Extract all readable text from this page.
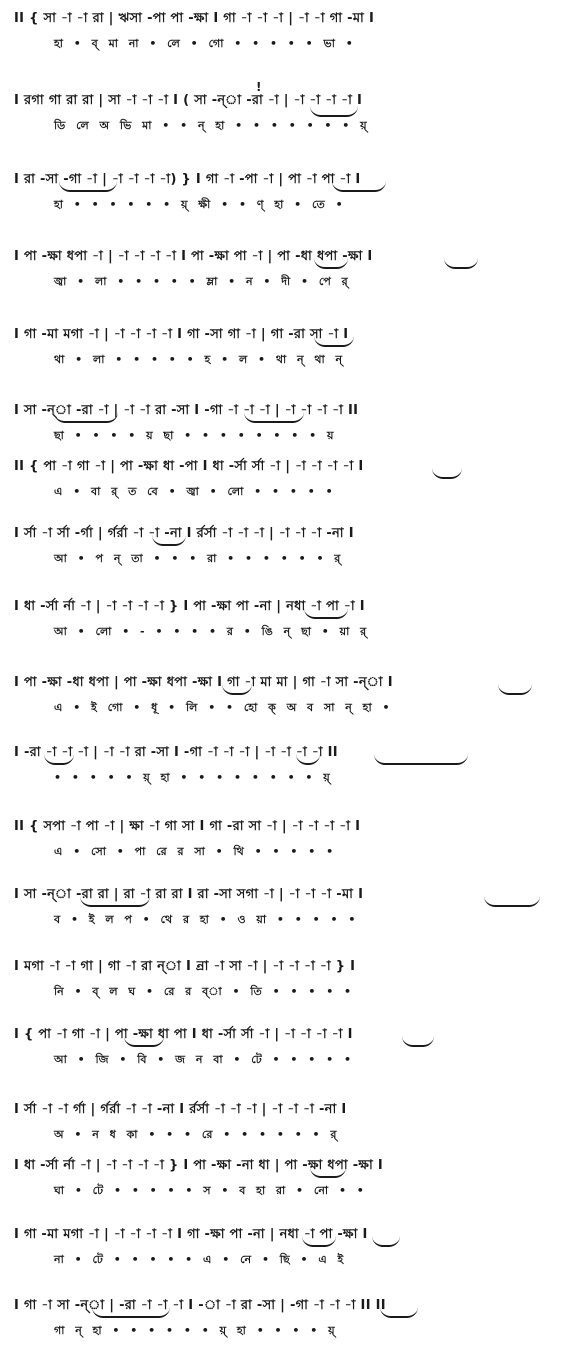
!
II { সা -া -া রা | ঋসা -পা পা -ক্ষা I গা -া -া -া | -া -া গা -মা I
হা • ব্ মা না • লে • গো • • • • • ভা •
I রগা গা রা রা | সা -া -া -া I ( সা -ন্া -রা -া | -া -া -া -া I
ডি লে অ ভি মা • • ন্ হা • • • • • • • য়্
I রা -সা -গা -া | -া -া -া -া) } I গা -া -পা -া | পা -া পা -া I
হা • • • • • • য়্ ক্ষী • • ণ্ হা • তে •
I পা -ক্ষা ধপা -া | -া -া -া -া I পা -ক্ষা পা -া | পা -ধা ধপা -ক্ষা I
জ্বা • লা • • • • • ম্লা • ন • দী • পে র্
I গা -মা মগা -া | -া -া -া -া I গা -সা গা -া | গা -রা সা -া I
থা • লা • • • • • হ • ল • থা ন্ থা ন্
I সা -ন্া -রা -া | -া -া রা -সা I -গা -া -া -া | -া -া -া -া II
ছা • • • • য় ছা • • • • • • • • য়
II { পা -া গা -া | পা -ক্ষা ধা -পা I ধা -র্সা র্সা -া | -া -া -া -া I
এ • বা র্ ত বে • জ্বা • লো • • • • •
I র্সা -া র্সা -র্গা | র্গর্রা -া -া -না I র্রর্সা -া -া -া | -া -া -া -না I
আ • প ন্ তা • • • রা • • • • • • র্
I ধা -র্সা র্না -া | -া -া -া -া } I পা -ক্ষা পা -না | নধা -া পা -া I
আ • লো • - • • • • র • ঙি ন্ ছা • য়া র্
I পা -ক্ষা -ধা ধপা | পা -ক্ষা ধপা -ক্ষা I গা -া মা মা | গা -া সা -ন্া I
এ • ই গো • ধূ • লি • • হো ক্ অ ব সা ন্ হা •
I -রা -া -া -া | -া -া রা -সা I -গা -া -া -া | -া -া -া -া II
• • • • • য়্ হা • • • • • • • • য়্
II { সপা -া পা -া | ক্ষা -া গা সা I গা -রা সা -া | -া -া -া -া I
এ • সো • পা রে র সা • থি • • • • •
I সা -ন্া -রা রা | রা -া রা রা I রা -সা সগা -া | -া -া -া -মা I
ব • ই ল প • থে র হা • ও য়া • • • • •
I মগা -া -া গা | গা -া রা ন্া I ন্রা -া সা -া | -া -া -া -া } I
নি • ব্ ল ঘ • রে র ব্া • তি • • • • •
I { পা -া গা -া | পা -ক্ষা ধা পা I ধা -র্সা র্সা -া | -া -া -া -া I
আ • জি • বি • জ ন বা • টে • • • • •
I র্সা -া -া র্গা | র্গর্রা -া -া -না I র্রর্সা -া -া -া | -া -া -া -না I
অ • ন ধ কা • • • রে • • • • • • র্
I ধা -র্সা র্না -া | -া -া -া -া } I পা -ক্ষা -না ধা | পা -ক্ষা ধপা -ক্ষা I
ঘা • টে • • • • • স • ব হা রা • নো • •
I গা -মা মগা -া | -া -া -া -া I গা -ক্ষা পা -না | নধা -া পা -ক্ষা I
না • টে • • • • • এ • নে • ছি • এ ই
I গা -া সা -ন্া | -রা -া -া -া I -া -া রা -সা | -গা -া -া -া II II
গা ন্ হা • • • • • • য়্ হা • • • • য়্
